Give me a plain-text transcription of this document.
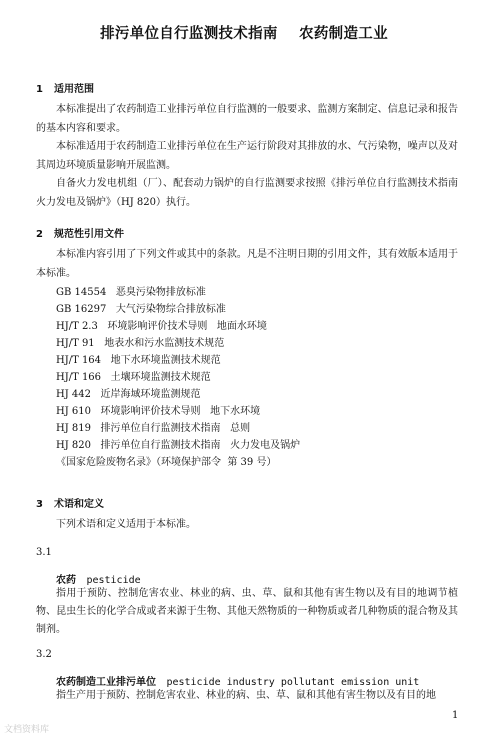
排污单位自行监测技术指南    农药制造工业
1 适用范围
本标准提出了农药制造工业排污单位自行监测的一般要求、监测方案制定、信息记录和报告的基本内容和要求。
本标准适用于农药制造工业排污单位在生产运行阶段对其排放的水、气污染物，噪声以及对其周边环境质量影响开展监测。
自备火力发电机组（厂）、配套动力锅炉的自行监测要求按照《排污单位自行监测技术指南　火力发电及锅炉》（HJ 820）执行。
2 规范性引用文件
本标准内容引用了下列文件或其中的条款。凡是不注明日期的引用文件，其有效版本适用于本标准。
GB 14554   恶臭污染物排放标准
GB 16297   大气污染物综合排放标准
HJ/T 2.3   环境影响评价技术导则   地面水环境
HJ/T 91   地表水和污水监测技术规范
HJ/T 164   地下水环境监测技术规范
HJ/T 166   土壤环境监测技术规范
HJ 442   近岸海域环境监测规范
HJ 610   环境影响评价技术导则   地下水环境
HJ 819   排污单位自行监测技术指南   总则
HJ 820   排污单位自行监测技术指南   火力发电及锅炉
《国家危险废物名录》（环境保护部令  第 39 号）
3 术语和定义
下列术语和定义适用于本标准。
3.1
农药 pesticide
指用于预防、控制危害农业、林业的病、虫、草、鼠和其他有害生物以及有目的地调节植物、昆虫生长的化学合成或者来源于生物、其他天然物质的一种物质或者几种物质的混合物及其制剂。
3.2
农药制造工业排污单位 pesticide industry pollutant emission unit
指生产用于预防、控制危害农业、林业的病、虫、草、鼠和其他有害生物以及有目的地
1
文档资料库
